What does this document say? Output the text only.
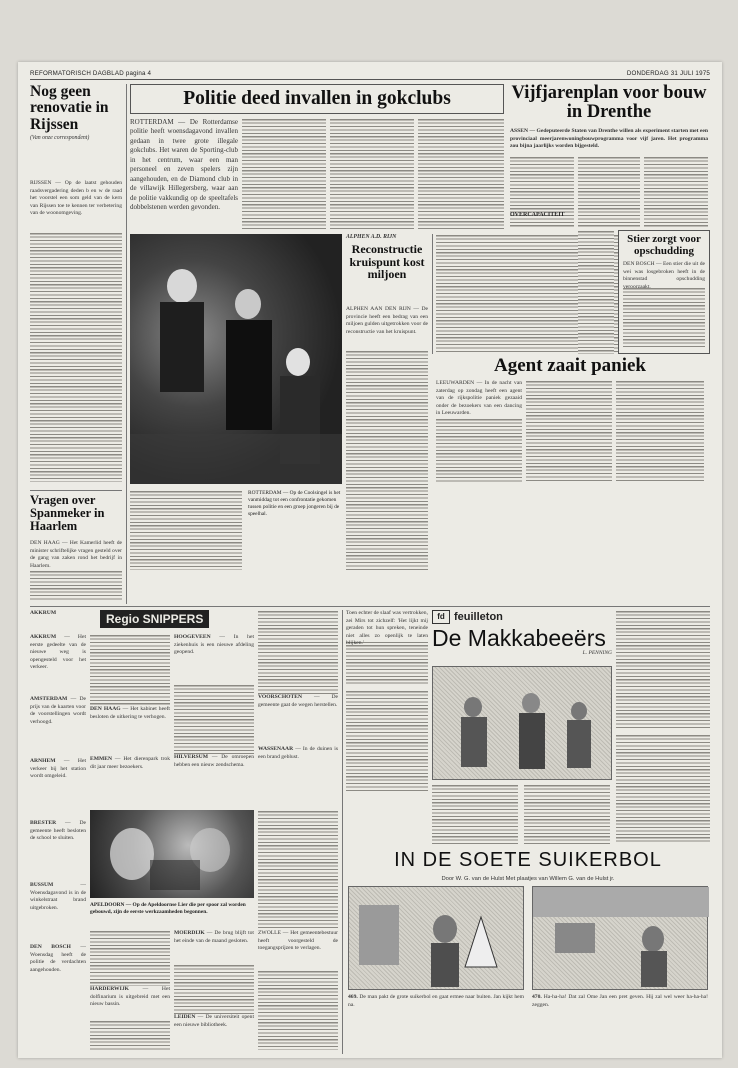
REFORMATORISCH DAGBLAD pagina 4	DONDERDAG 31 JULI 1975
Nog geen renovatie in Rijssen
(Van onze correspondent)
RIJSSEN — Op de laatst gehouden raadsvergadering deden b en w de raad het voorstel een som geld van de kern van Rijssen toe te kennen ter verbetering van de woonomgeving.
Vragen over Spanmeker in Haarlem
DEN HAAG — Het Kamerlid heeft de minister schriftelijke vragen gesteld over de gang van zaken rond het bedrijf in Haarlem.
Politie deed invallen in gokclubs
ROTTERDAM — De Rotterdamse politie heeft woensdagavond invallen gedaan in twee grote illegale gokclubs. Het waren de Sporting-club in het centrum, waar een man personeel en zeven spelers zijn aangehouden, en de Diamond club in de villawijk Hillegersberg, waar aan de politie vakkundig op de speeltafels dobbelstenen werden gevonden.
ROTTERDAM — Op de Coolsingel is het vanmiddag tot een confrontatie gekomen tussen politie en een groep jongeren bij de speelhal.
ALPHEN A.D. RIJN
Reconstructie kruispunt kost miljoen
ALPHEN AAN DEN RIJN — De provincie heeft een bedrag van een miljoen gulden uitgetrokken voor de reconstructie van het kruispunt.
Agent zaait paniek
LEEUWARDEN — In de nacht van zaterdag op zondag heeft een agent van de rijkspolitie paniek gezaaid onder de bezoekers van een dancing in Leeuwarden.
Vijfjarenplan voor bouw in Drenthe
ASSEN — Gedeputeerde Staten van Drenthe willen als experiment starten met een provinciaal meerjarenwoningbouwprogramma voor vijf jaren. Het programma zou bijna jaarlijks worden bijgesteld.
OVERCAPACITEIT
Stier zorgt voor opschudding
DEN BOSCH — Een stier die uit de wei was losgebroken heeft in de binnenstad opschudding veroorzaakt.
Regio SNIPPERS
AKKRUM
AKKRUM — Het eerste gedeelte van de nieuwe weg is opengesteld voor het verkeer.
AMSTERDAM — De prijs van de kaarten voor de voorstellingen wordt verhoogd.
ARNHEM — Het verkeer bij het station wordt omgeleid.
BRESTER — De gemeente heeft besloten de school te sluiten.
BUSSUM — Woensdagavond is in de winkelstraat brand uitgebroken.
DEN BOSCH — Woensdag heeft de politie de verdachten aangehouden.
DEN HAAG — Het kabinet heeft besloten de uitkering te verhogen.
EMMEN — Het dierenpark trok dit jaar meer bezoekers.
HOOGEVEEN — In het ziekenhuis is een nieuwe afdeling geopend.
HILVERSUM — De omroepen hebben een nieuw zendschema.
APELDOORN — Op de Apeldoornse Lier die per spoor zal worden gebouwd, zijn de eerste werkzaamheden begonnen.
HARDERWIJK — Het dolfinarium is uitgebreid met een nieuw bassin.
MOERDIJK — De brug blijft tot het einde van de maand gesloten.
LEIDEN — De universiteit opent een nieuwe bibliotheek.
VOORSCHOTEN — De gemeente gaat de wegen herstellen.
WASSENAAR — In de duinen is een brand geblust.
ZWOLLE — Het gemeentebestuur heeft voorgesteld de toegangsprijzen te verlagen.
Toen echter de slaaf was vertrokken, zei Mirs tot zichzelf: 'Het lijkt mij geraden tot hun spreken, teneinde niet alles zo openlijk te laten blijken.'
fd feuilleton
De Makkabeeërs
L. PENNING
IN DE SOETE SUIKERBOL
Door W. G. van de Hulst Met plaatjes van Willem G. van de Hulst jr.
469. De man pakt de grote suikerbol en gaat ermee naar buiten. Jan kijkt hem na.
470. Ha-ha-ha! Dat zal Ome Jan een pret geven. Hij zal wel weer ha-ha-ha! zeggen.
